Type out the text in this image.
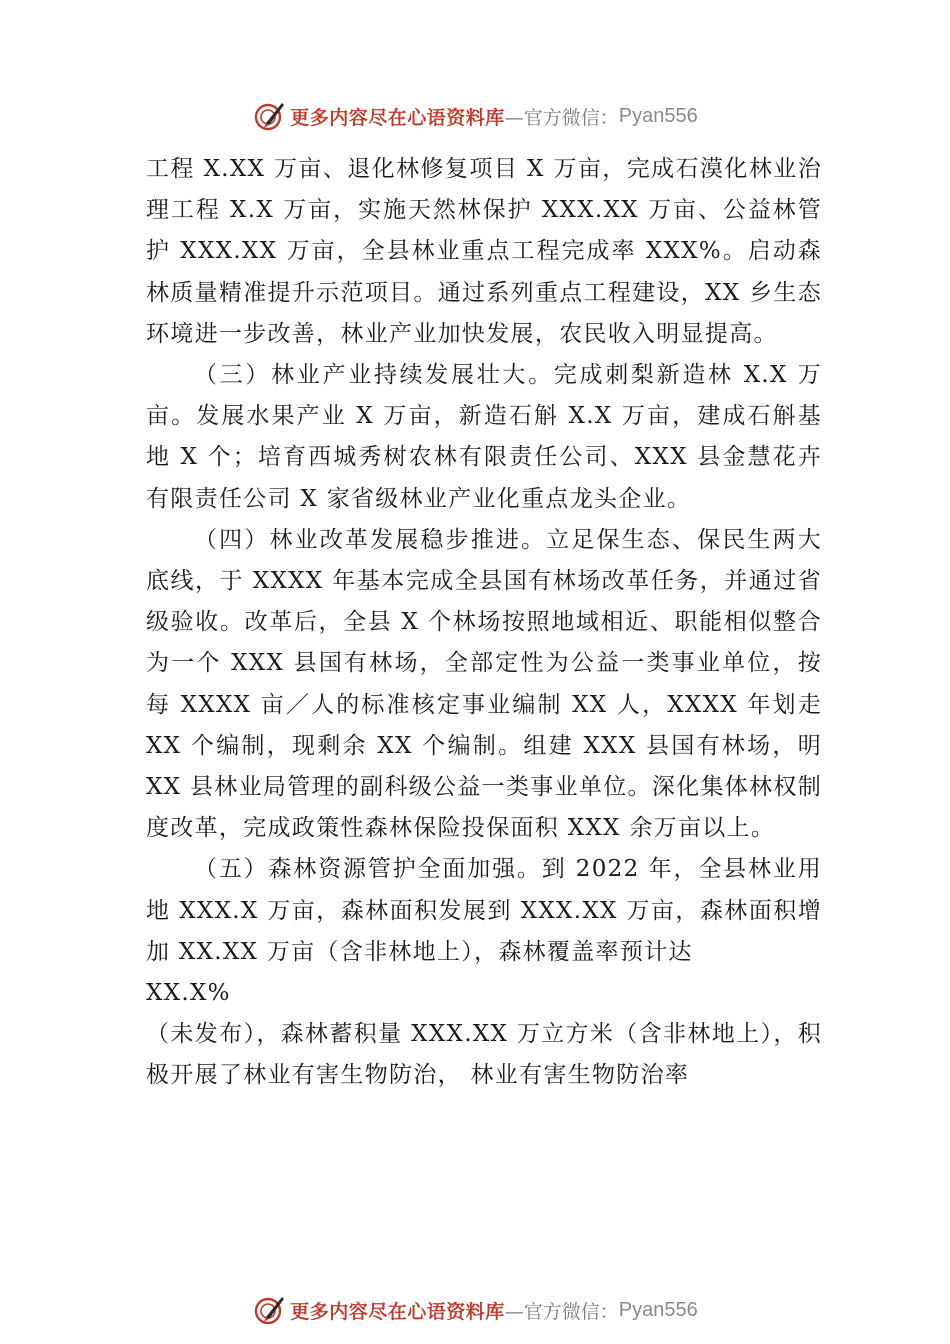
更多内容尽在心语资料库 —官方微信： Pyan556

工程 X.XX 万亩、退化林修复项目 X 万亩，完成石漠化林业治理工程 X.X 万亩，实施天然林保护 XXX.XX 万亩、公益林管护 XXX.XX 万亩，全县林业重点工程完成率 XXX%。启动森林质量精准提升示范项目。通过系列重点工程建设，XX 乡生态环境进一步改善，林业产业加快发展，农民收入明显提高。

（三）林业产业持续发展壮大。完成刺梨新造林 X.X 万亩。发展水果产业 X 万亩，新造石斛 X.X 万亩，建成石斛基地 X 个；培育西城秀树农林有限责任公司、XXX 县金慧花卉有限责任公司 X 家省级林业产业化重点龙头企业。

（四）林业改革发展稳步推进。立足保生态、保民生两大底线，于 XXXX 年基本完成全县国有林场改革任务，并通过省级验收。改革后，全县 X 个林场按照地域相近、职能相似整合为一个 XXX 县国有林场，全部定性为公益一类事业单位，按每 XXXX 亩／人的标准核定事业编制 XX 人，XXXX 年划走 XX 个编制，现剩余 XX 个编制。组建 XXX 县国有林场，明 XX 县林业局管理的副科级公益一类事业单位。深化集体林权制度改革，完成政策性森林保险投保面积 XXX 余万亩以上。

（五）森林资源管护全面加强。到 2022 年，全县林业用地 XXX.X 万亩，森林面积发展到 XXX.XX 万亩，森林面积增加 XX.XX 万亩（含非林地上），森林覆盖率预计达

XX.X%

（未发布），森林蓄积量 XXX.XX 万立方米（含非林地上），积极开展了林业有害生物防治， 林业有害生物防治率

更多内容尽在心语资料库 —官方微信： Pyan556
